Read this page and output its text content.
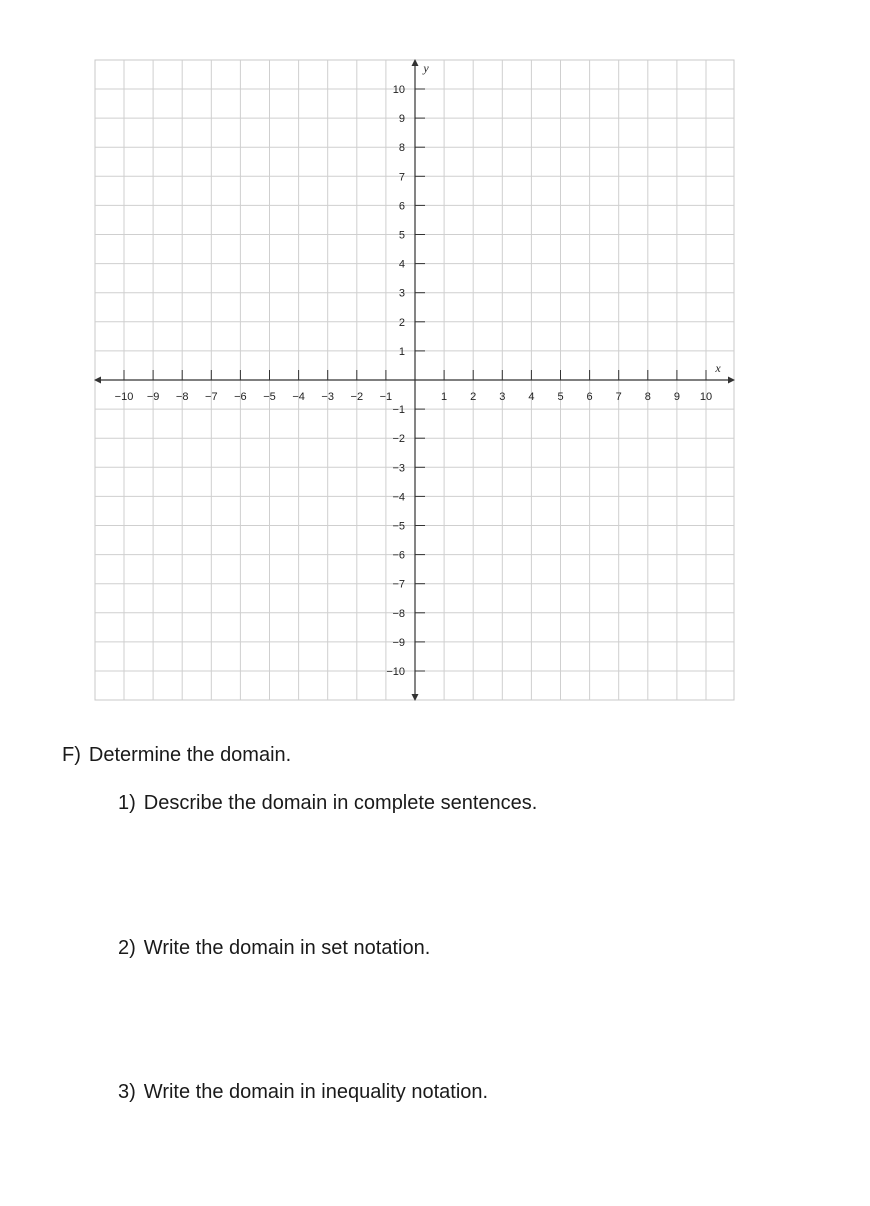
−10 −9 −8 −7 −6 −5 −4 −3 −2 −1	1 2 3 4 5 6 7 8 9 10
10
9
8
7
6
5
4
3
2
1
−1
−2
−3
−4
−5
−6
−7
−8
−9
−10
x
y
F) Determine the domain.

1) Describe the domain in complete sentences.

2) Write the domain in set notation.

3) Write the domain in inequality notation.
